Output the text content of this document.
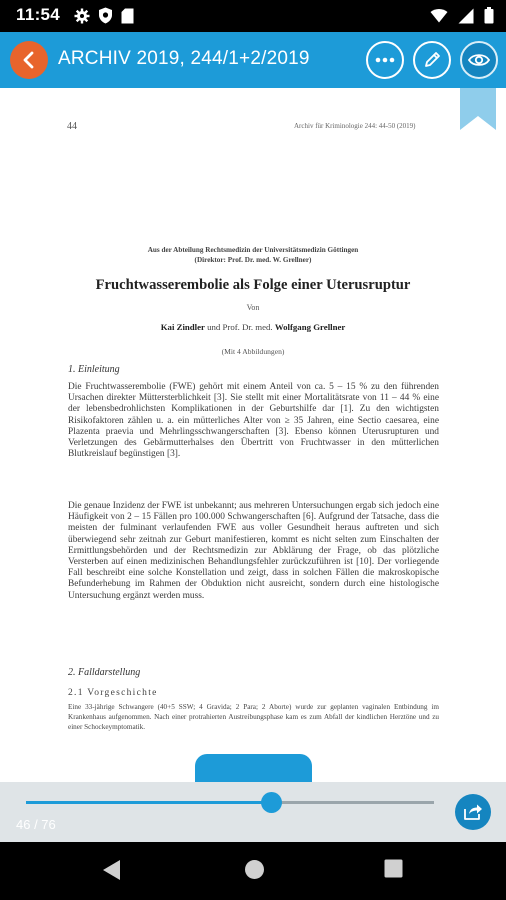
11:54
ARCHIV 2019, 244/1+2/2019
44	Archiv für Kriminologie 244: 44-50 (2019)
Aus der Abteilung Rechtsmedizin der Universitätsmedizin Göttingen
(Direktor: Prof. Dr. med. W. Grellner)
Fruchtwasserembolie als Folge einer Uterusruptur
Von
Kai Zindler und Prof. Dr. med. Wolfgang Grellner
(Mit 4 Abbildungen)
1. Einleitung

Die Fruchtwasserembolie (FWE) gehört mit einem Anteil von ca. 5 – 15 % zu den führenden Ursachen direkter Müttersterblichkeit [3]. Sie stellt mit einer Mortalitätsrate von 11 – 44 % eine der lebensbedrohlichsten Komplikationen in der Geburtshilfe dar [1]. Zu den wichtigsten Risikofaktoren zählen u. a. ein mütterliches Alter von ≥ 35 Jahren, eine Sectio caesarea, eine Plazenta praevia und Mehrlingsschwangerschaften [3]. Ebenso können Uterusrupturen und Verletzungen des Gebärmutterhalses den Übertritt von Fruchtwasser in den mütterlichen Blutkreislauf begünstigen [3].

Die genaue Inzidenz der FWE ist unbekannt; aus mehreren Untersuchungen ergab sich jedoch eine Häufigkeit von 2 – 15 Fällen pro 100.000 Schwangerschaften [6]. Aufgrund der Tatsache, dass die meisten der fulminant verlaufenden FWE aus voller Gesundheit heraus auftreten und sich überwiegend sehr zeitnah zur Geburt manifestieren, kommt es nicht selten zum Einschalten der Ermittlungsbehörden und der Rechtsmedizin zur Abklärung der Frage, ob das plötzliche Versterben auf einen medizinischen Behandlungsfehler zurückzuführen ist [10]. Der vorliegende Fall beschreibt eine solche Konstellation und zeigt, dass in solchen Fällen die makroskopische Befunderhebung im Rahmen der Obduktion nicht ausreicht, sondern durch eine histologische Untersuchung ergänzt werden muss.

2. Falldarstellung
2.1 Vorgeschichte

Eine 33-jährige Schwangere (40+5 SSW; 4 Gravida; 2 Para; 2 Aborte) wurde zur geplanten vaginalen Entbindung im Krankenhaus aufgenommen. Nach einer protrahierten Austreibungsphase kam es zum Abfall der kindlichen Herztöne und zu einer Schockeymptomatik.

46 / 76
